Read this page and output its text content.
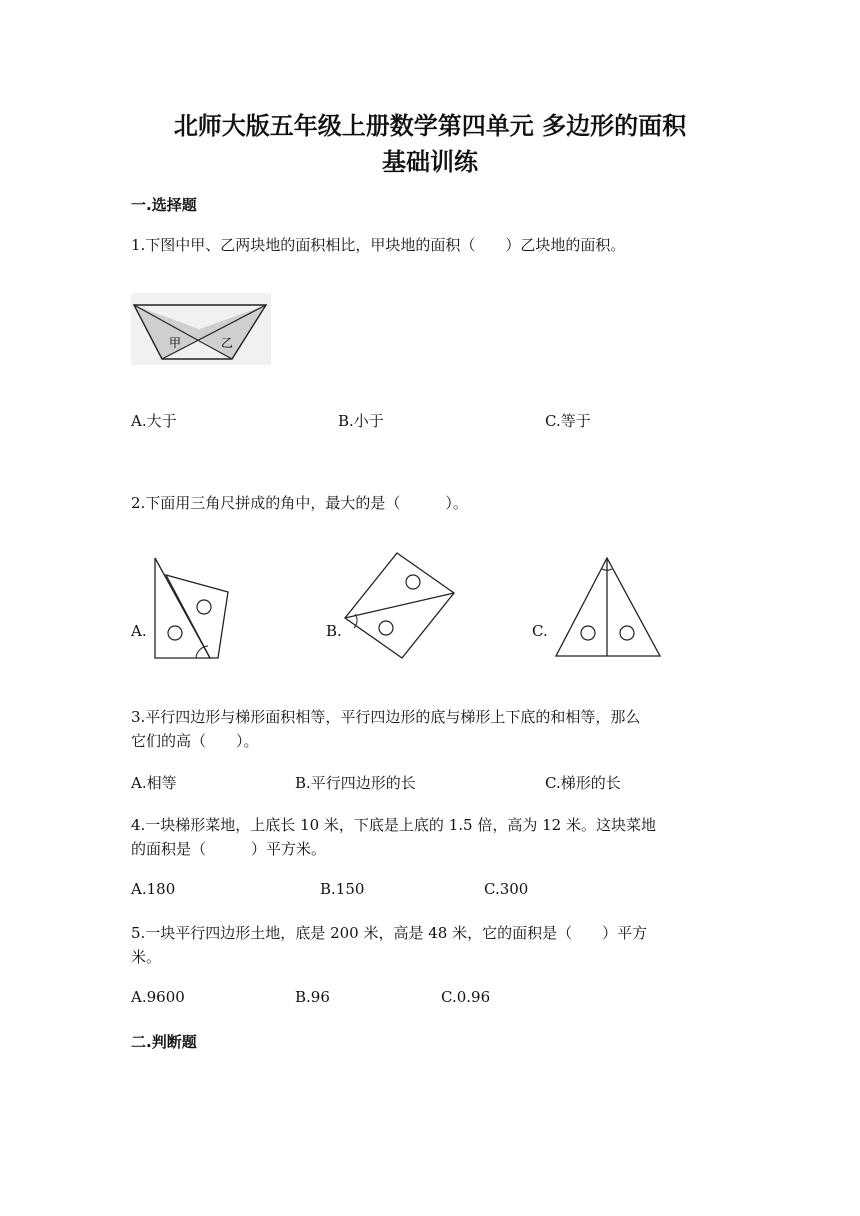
北师大版五年级上册数学第四单元 多边形的面积
基础训练
一.选择题
1.下图中甲、乙两块地的面积相比，甲块地的面积（　　）乙块地的面积。
甲	乙
A.大于	B.小于	C.等于
2.下面用三角尺拼成的角中，最大的是（　　　）。
A.	B.	C.
3.平行四边形与梯形面积相等，平行四边形的底与梯形上下底的和相等，那么
它们的高（　　）。
A.相等	B.平行四边形的长	C.梯形的长
4.一块梯形菜地，上底长 10 米，下底是上底的 1.5 倍，高为 12 米。这块菜地
的面积是（　　　）平方米。
A.180	B.150	C.300
5.一块平行四边形土地，底是 200 米，高是 48 米，它的面积是（　　）平方
米。
A.9600	B.96	C.0.96
二.判断题
